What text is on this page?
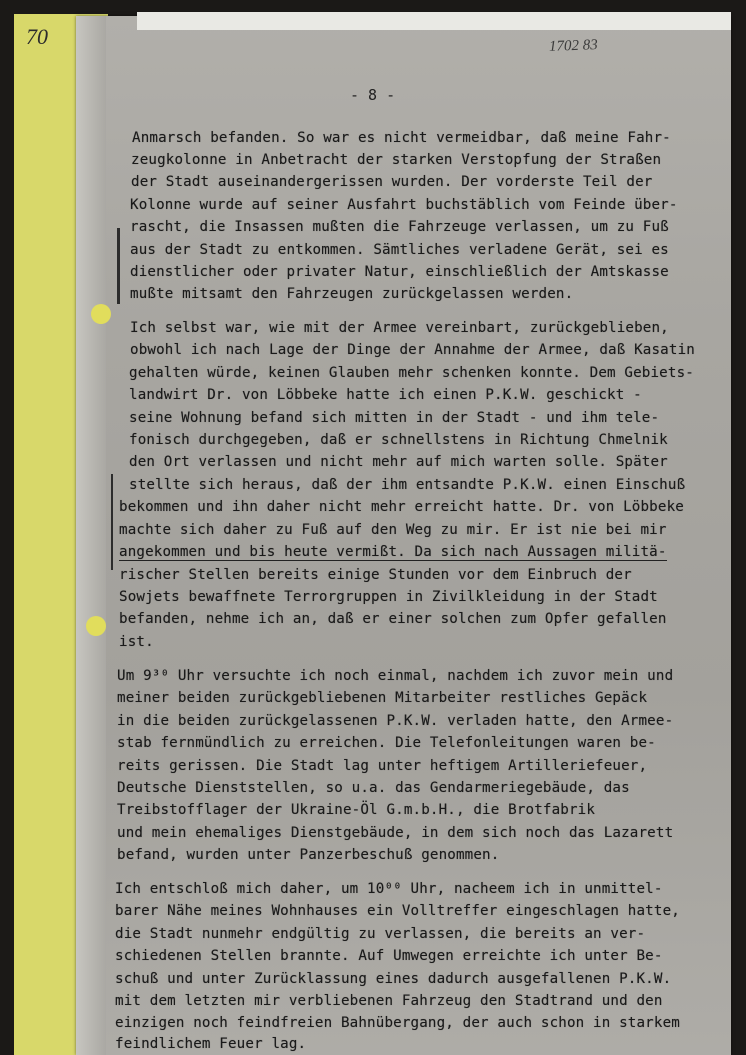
70	1702 83
- 8 -

Anmarsch befanden. So war es nicht vermeidbar, daß meine Fahr-

zeugkolonne in Anbetracht der starken Verstopfung der Straßen

der Stadt auseinandergerissen wurden. Der vorderste Teil der

Kolonne wurde auf seiner Ausfahrt buchstäblich vom Feinde über-

rascht, die Insassen mußten die Fahrzeuge verlassen, um zu Fuß

aus der Stadt zu entkommen. Sämtliches verladene Gerät, sei es

dienstlicher oder privater Natur, einschließlich der Amtskasse

mußte mitsamt den Fahrzeugen zurückgelassen werden.

Ich selbst war, wie mit der Armee vereinbart, zurückgeblieben,

obwohl ich nach Lage der Dinge der Annahme der Armee, daß Kasatin

gehalten würde, keinen Glauben mehr schenken konnte. Dem Gebiets-

landwirt Dr. von Löbbeke hatte ich einen P.K.W. geschickt -

seine Wohnung befand sich mitten in der Stadt - und ihm tele-

fonisch durchgegeben, daß er schnellstens in Richtung Chmelnik

den Ort verlassen und nicht mehr auf mich warten solle. Später

stellte sich heraus, daß der ihm entsandte P.K.W. einen Einschuß

bekommen und ihn daher nicht mehr erreicht hatte. Dr. von Löbbeke

machte sich daher zu Fuß auf den Weg zu mir. Er ist nie bei mir

angekommen und bis heute vermißt. Da sich nach Aussagen militä-

rischer Stellen bereits einige Stunden vor dem Einbruch der

Sowjets bewaffnete Terrorgruppen in Zivilkleidung in der Stadt

befanden, nehme ich an, daß er einer solchen zum Opfer gefallen

ist.

Um 9³⁰ Uhr versuchte ich noch einmal, nachdem ich zuvor mein und

meiner beiden zurückgebliebenen Mitarbeiter restliches Gepäck

in die beiden zurückgelassenen P.K.W. verladen hatte, den Armee-

stab fernmündlich zu erreichen. Die Telefonleitungen waren be-

reits gerissen. Die Stadt lag unter heftigem Artilleriefeuer,

Deutsche Dienststellen, so u.a. das Gendarmeriegebäude, das

Treibstofflager der Ukraine-Öl G.m.b.H., die Brotfabrik

und mein ehemaliges Dienstgebäude, in dem sich noch das Lazarett

befand, wurden unter Panzerbeschuß genommen.

Ich entschloß mich daher, um 10⁰⁰ Uhr, nacheem ich in unmittel-

barer Nähe meines Wohnhauses ein Volltreffer eingeschlagen hatte,

die Stadt nunmehr endgültig zu verlassen, die bereits an ver-

schiedenen Stellen brannte. Auf Umwegen erreichte ich unter Be-

schuß und unter Zurücklassung eines dadurch ausgefallenen P.K.W.

mit dem letzten mir verbliebenen Fahrzeug den Stadtrand und den

einzigen noch feindfreien Bahnübergang, der auch schon in starkem

feindlichem Feuer lag.
